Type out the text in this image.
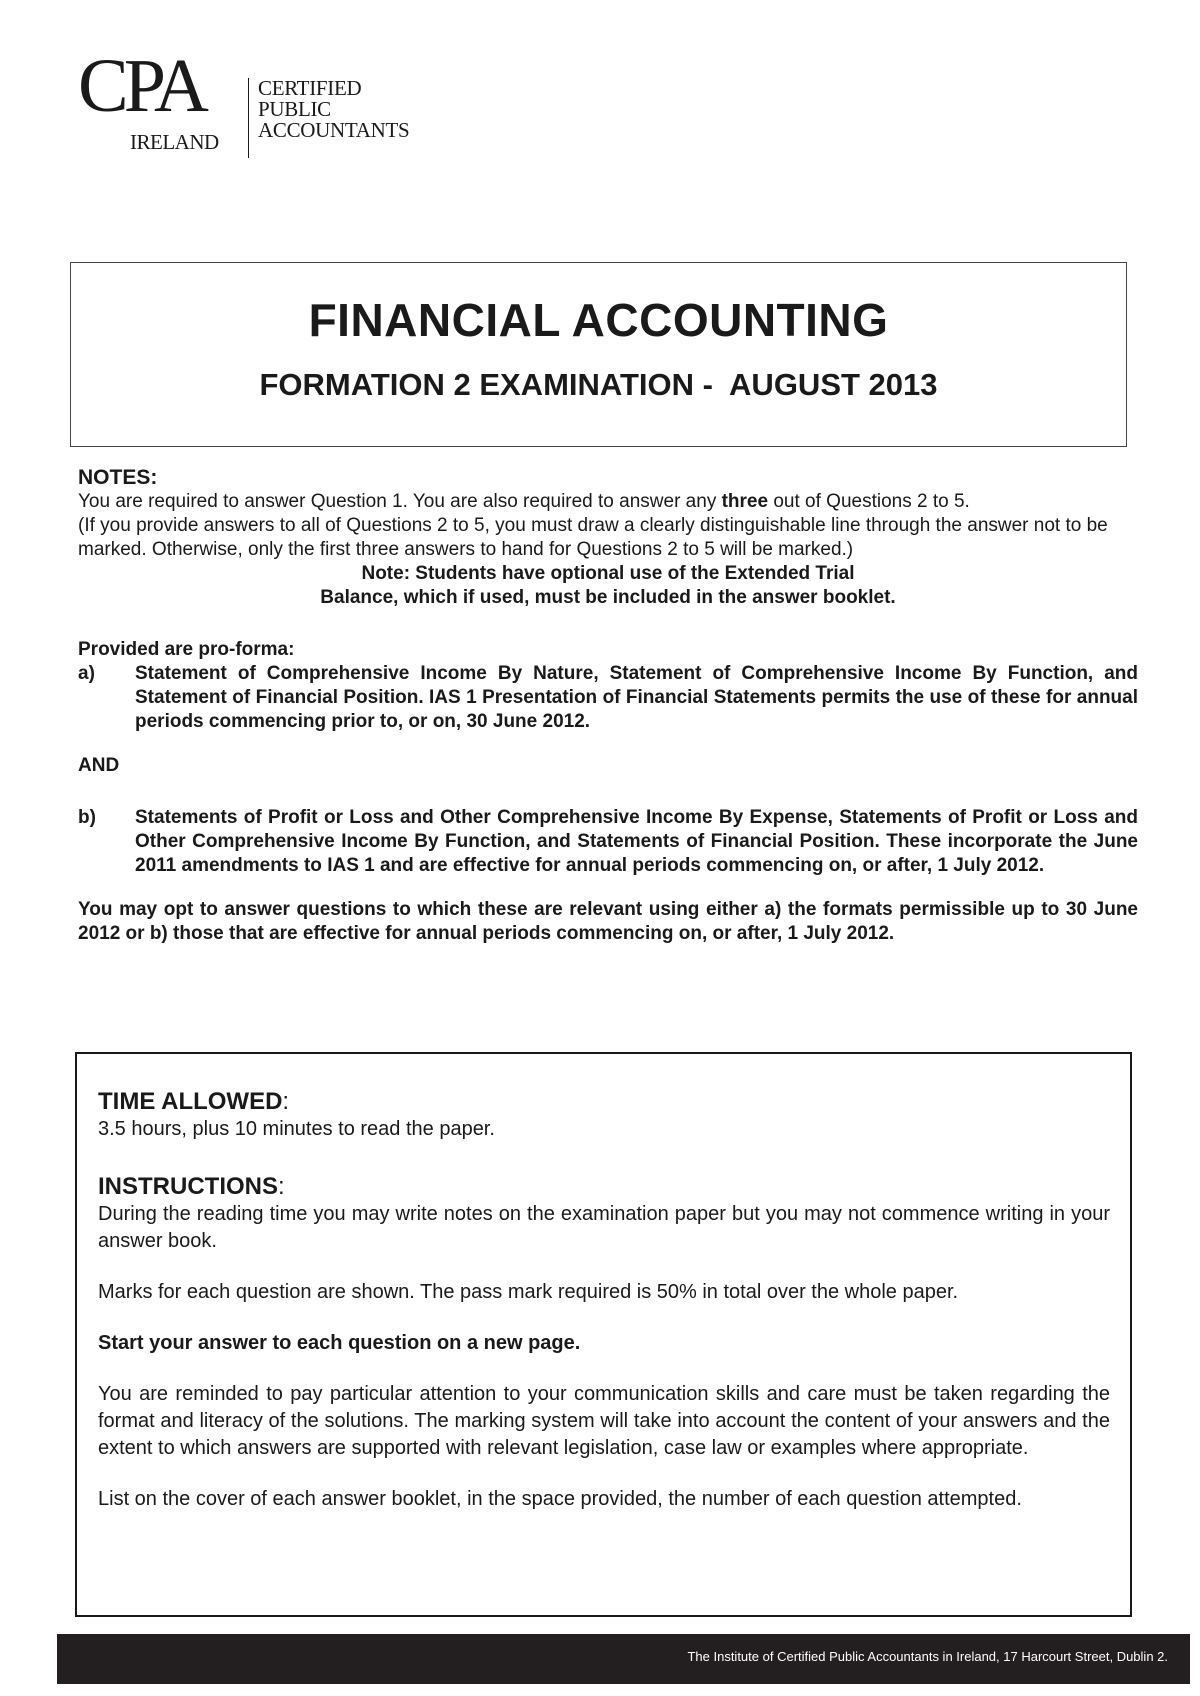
CPA
IRELAND
CERTIFIED
PUBLIC
ACCOUNTANTS
FINANCIAL ACCOUNTING
FORMATION 2 EXAMINATION -  AUGUST 2013

NOTES:

You are required to answer Question 1. You are also required to answer any three out of Questions 2 to 5.

(If you provide answers to all of Questions 2 to 5, you must draw a clearly distinguishable line through the answer not to be marked. Otherwise, only the first three answers to hand for Questions 2 to 5 will be marked.)

Note: Students have optional use of the Extended Trial
Balance, which if used, must be included in the answer booklet.

Provided are pro-forma:

a)	Statement of Comprehensive Income By Nature, Statement of Comprehensive Income By Function, and Statement of Financial Position. IAS 1 Presentation of Financial Statements permits the use of these for annual periods commencing prior to, or on, 30 June 2012.

AND

b)	Statements of Profit or Loss and Other Comprehensive Income By Expense, Statements of Profit or Loss and Other Comprehensive Income By Function, and Statements of Financial Position. These incorporate the June 2011 amendments to IAS 1 and are effective for annual periods commencing on, or after, 1 July 2012.

You may opt to answer questions to which these are relevant using either a) the formats permissible up to 30 June 2012 or b) those that are effective for annual periods commencing on, or after, 1 July 2012.

TIME ALLOWED:

3.5 hours, plus 10 minutes to read the paper.

INSTRUCTIONS:

During the reading time you may write notes on the examination paper but you may not commence writing in your answer book.

Marks for each question are shown. The pass mark required is 50% in total over the whole paper.

Start your answer to each question on a new page.

You are reminded to pay particular attention to your communication skills and care must be taken regarding the format and literacy of the solutions. The marking system will take into account the content of your answers and the extent to which answers are supported with relevant legislation, case law or examples where appropriate.

List on the cover of each answer booklet, in the space provided, the number of each question attempted.

The Institute of Certified Public Accountants in Ireland, 17 Harcourt Street, Dublin 2.
